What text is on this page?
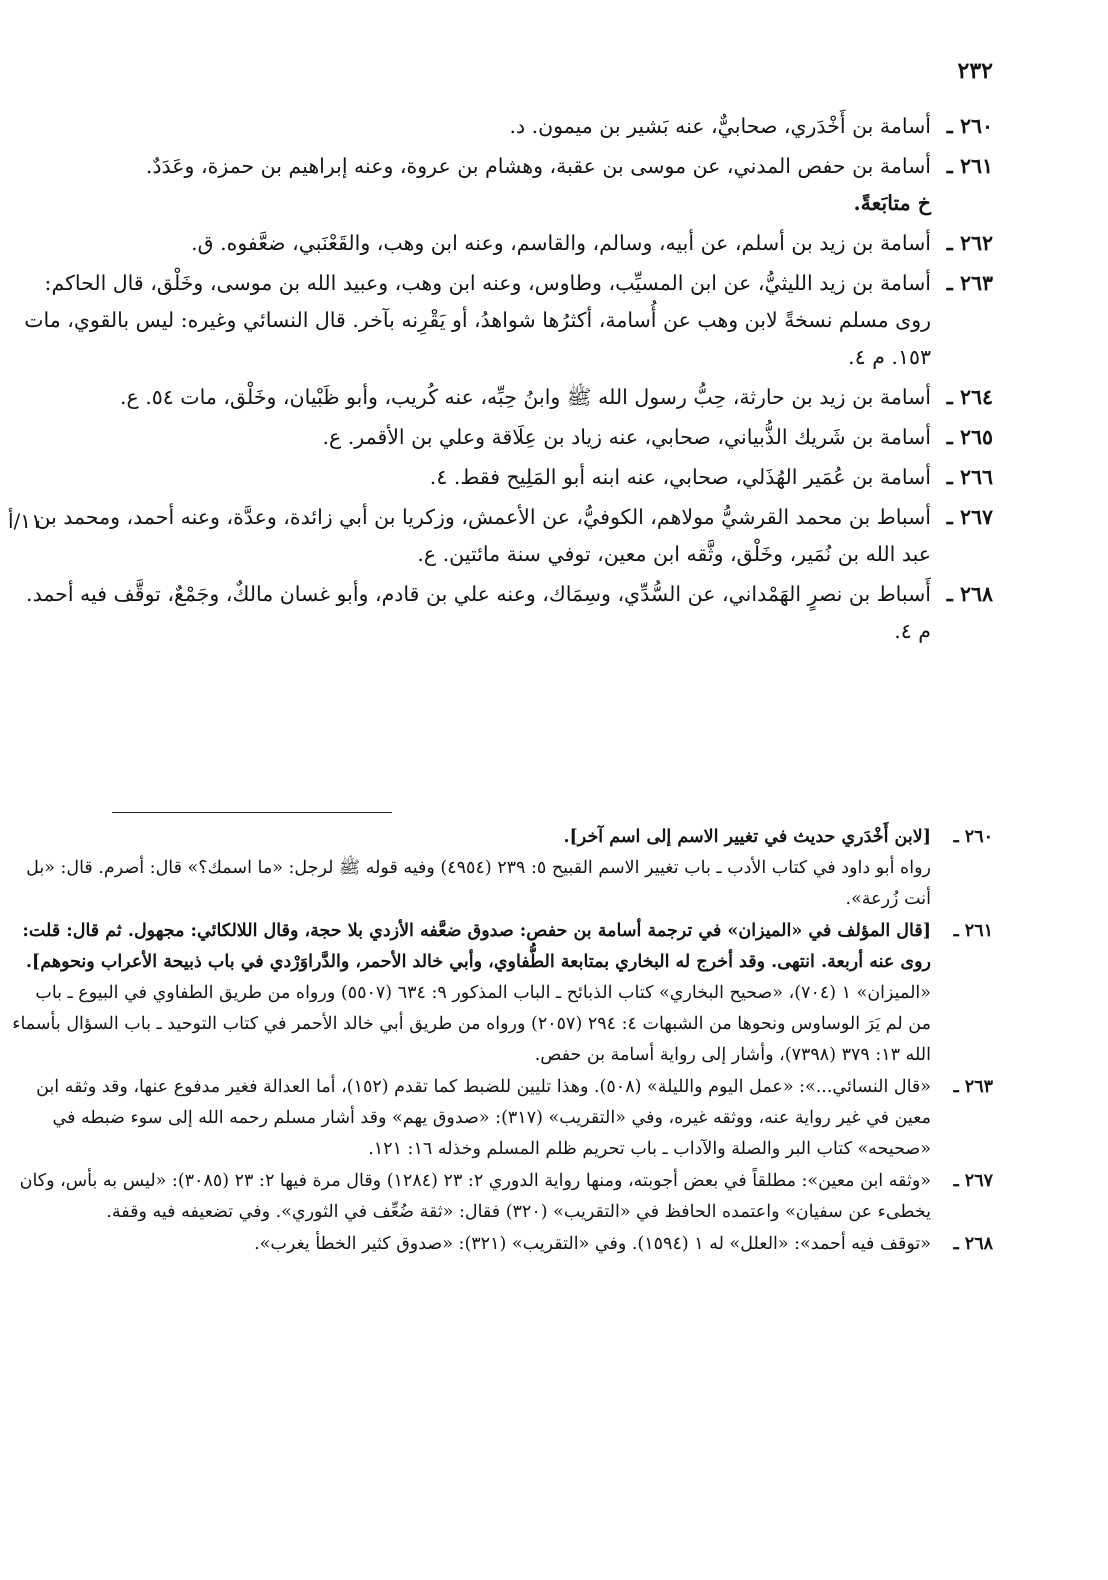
٢٣٢
١١/أ
٢٦٠ ـ

أسامة بن أَخْدَري، صحابيٌّ، عنه بَشير بن ميمون. د.

٢٦١ ـ

أسامة بن حفص المدني، عن موسى بن عقبة، وهشام بن عروة، وعنه إبراهيم بن حمزة، وعَدَدٌ.

خ متابَعةً.

٢٦٢ ـ

أسامة بن زيد بن أسلم، عن أبيه، وسالم، والقاسم، وعنه ابن وهب، والقَعْنَبي، ضعَّفوه. ق.

٢٦٣ ـ

أسامة بن زيد الليثيُّ، عن ابن المسيِّب، وطاوس، وعنه ابن وهب، وعبيد الله بن موسى، وخَلْق، قال الحاكم: روى مسلم نسخةً لابن وهب عن أُسامة، أكثرُها شواهدُ، أو يَقْرِنه بآخر. قال النسائي وغيره: ليس بالقوي، مات ١٥٣. م ٤.

٢٦٤ ـ

أسامة بن زيد بن حارثة، حِبُّ رسول الله ﷺ وابنُ حِبِّه، عنه كُريب، وأبو ظَبْيان، وخَلْق، مات ٥٤. ع.

٢٦٥ ـ

أسامة بن شَريك الذُّبياني، صحابي، عنه زياد بن عِلَاقة وعلي بن الأقمر. ع.

٢٦٦ ـ

أسامة بن عُمَير الهُذَلي، صحابي، عنه ابنه أبو المَلِيح فقط. ٤.

٢٦٧ ـ

أسباط بن محمد القرشيُّ مولاهم، الكوفيُّ، عن الأعمش، وزكريا بن أبي زائدة، وعدَّة، وعنه أحمد، ومحمد بن عبد الله بن نُمَير، وخَلْق، وثَّقه ابن معين، توفي سنة مائتين. ع.

٢٦٨ ـ

أَسباط بن نصرٍ الهَمْداني، عن السُّدِّي، وسِمَاك، وعنه علي بن قادم، وأبو غسان مالكٌ، وجَمْعٌ، توقَّف فيه أحمد. م ٤.

٢٦٠ ـ

[لابن أَخْدَري حديث في تغيير الاسم إلى اسم آخر].

رواه أبو داود في كتاب الأدب ـ باب تغيير الاسم القبيح ٥: ٢٣٩ (٤٩٥٤) وفيه قوله ﷺ لرجل: «ما اسمك؟» قال: أصرم. قال: «بل أنت زُرعة».

٢٦١ ـ

[قال المؤلف في «الميزان» في ترجمة أسامة بن حفص: صدوق ضعَّفه الأزدي بلا حجة، وقال اللالكائي: مجهول. ثم قال: قلت: روى عنه أربعة. انتهى. وقد أخرج له البخاري بمتابعة الطُّفاوي، وأبي خالد الأحمر، والدَّراوَرْدي في باب ذبيحة الأعراب ونحوهم].

«الميزان» ١ (٧٠٤)، «صحيح البخاري» كتاب الذبائح ـ الباب المذكور ٩: ٦٣٤ (٥٥٠٧) ورواه من طريق الطفاوي في البيوع ـ باب من لم يَرَ الوساوس ونحوها من الشبهات ٤: ٢٩٤ (٢٠٥٧) ورواه من طريق أبي خالد الأحمر في كتاب التوحيد ـ باب السؤال بأسماء الله ١٣: ٣٧٩ (٧٣٩٨)، وأشار إلى رواية أسامة بن حفص.

٢٦٣ ـ

«قال النسائي...»: «عمل اليوم والليلة» (٥٠٨). وهذا تليين للضبط كما تقدم (١٥٢)، أما العدالة فغير مدفوع عنها، وقد وثقه ابن معين في غير رواية عنه، ووثقه غيره، وفي «التقريب» (٣١٧): «صدوق يهم» وقد أشار مسلم رحمه الله إلى سوء ضبطه في «صحيحه» كتاب البر والصلة والآداب ـ باب تحريم ظلم المسلم وخذله ١٦: ١٢١.

٢٦٧ ـ

«وثقه ابن معين»: مطلقاً في بعض أجوبته، ومنها رواية الدوري ٢: ٢٣ (١٢٨٤) وقال مرة فيها ٢: ٢٣ (٣٠٨٥): «ليس به بأس، وكان يخطىء عن سفيان» واعتمده الحافظ في «التقريب» (٣٢٠) فقال: «ثقة ضُعِّف في الثوري». وفي تضعيفه فيه وقفة.

٢٦٨ ـ

«توقف فيه أحمد»: «العلل» له ١ (١٥٩٤). وفي «التقريب» (٣٢١): «صدوق كثير الخطأ يغرب».
